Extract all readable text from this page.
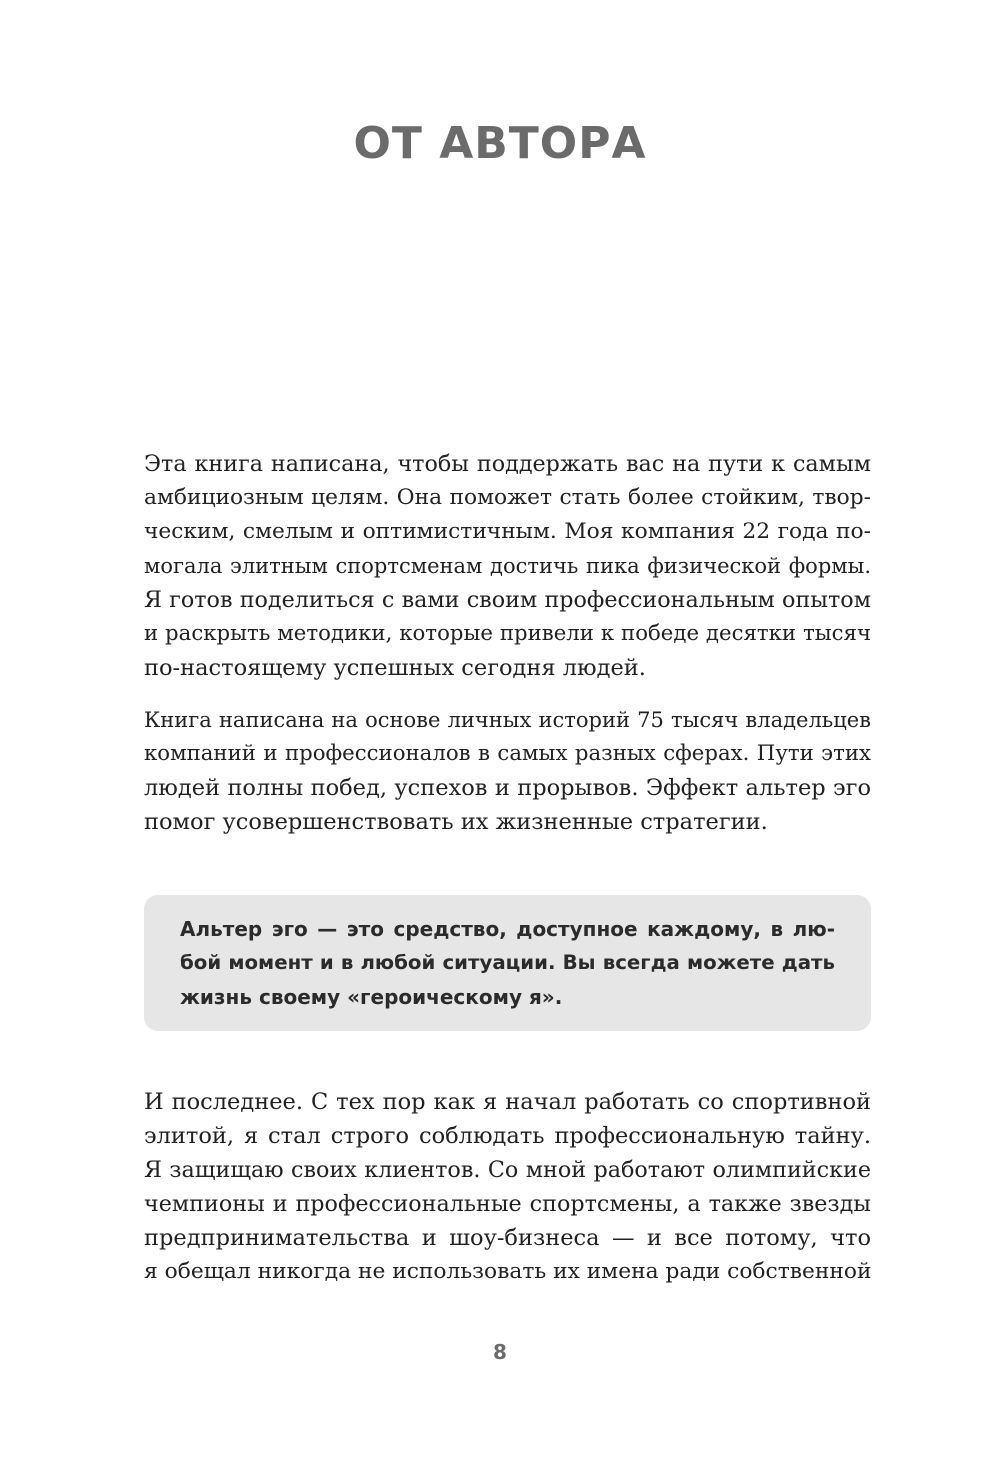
ОТ АВТОРА
Эта книга написана, чтобы поддержать вас на пути к самым
амбициозным целям. Она поможет стать более стойким, твор-
ческим, смелым и оптимистичным. Моя компания 22 года по-
могала элитным спортсменам достичь пика физической формы.
Я готов поделиться с вами своим профессиональным опытом
и раскрыть методики, которые привели к победе десятки тысяч
по-настоящему успешных сегодня людей.
Книга написана на основе личных историй 75 тысяч владельцев
компаний и профессионалов в самых разных сферах. Пути этих
людей полны побед, успехов и прорывов. Эффект альтер эго
помог усовершенствовать их жизненные стратегии.
Альтер эго — это средство, доступное каждому, в лю-
бой момент и в любой ситуации. Вы всегда можете дать
жизнь своему «героическому я».
И последнее. С тех пор как я начал работать со спортивной
элитой, я стал строго соблюдать профессиональную тайну.
Я защищаю своих клиентов. Со мной работают олимпийские
чемпионы и профессиональные спортсмены, а также звезды
предпринимательства и шоу-бизнеса — и все потому, что
я обещал никогда не использовать их имена ради собственной
8
